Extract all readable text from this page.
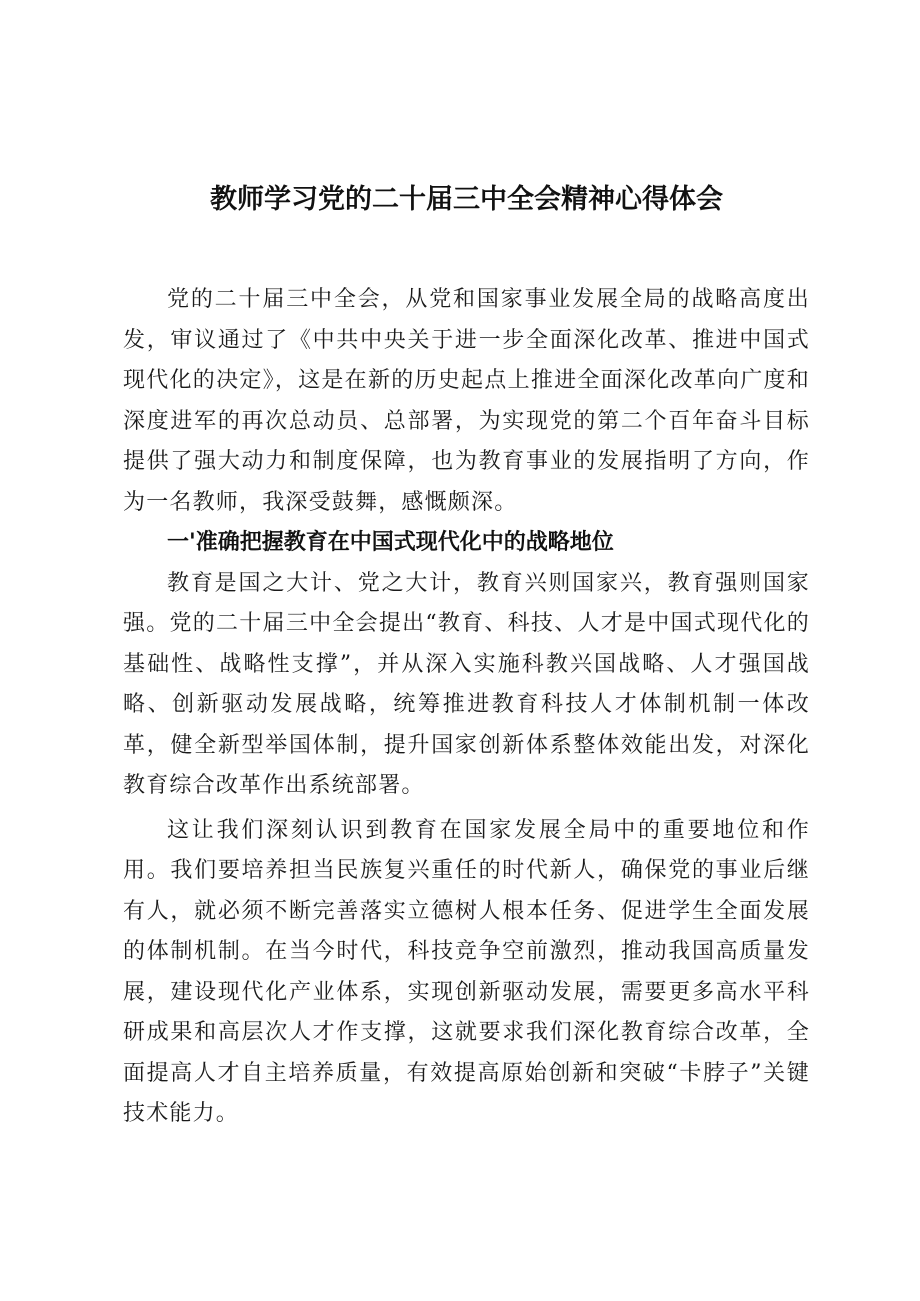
教师学习党的二十届三中全会精神心得体会

党的二十届三中全会，从党和国家事业发展全局的战略高度出发，审议通过了《中共中央关于进一步全面深化改革、推进中国式现代化的决定》，这是在新的历史起点上推进全面深化改革向广度和深度进军的再次总动员、总部署，为实现党的第二个百年奋斗目标提供了强大动力和制度保障，也为教育事业的发展指明了方向，作为一名教师，我深受鼓舞，感慨颇深。

一'准确把握教育在中国式现代化中的战略地位

教育是国之大计、党之大计，教育兴则国家兴，教育强则国家强。党的二十届三中全会提出“教育、科技、人才是中国式现代化的基础性、战略性支撑”，并从深入实施科教兴国战略、人才强国战略、创新驱动发展战略，统筹推进教育科技人才体制机制一体改革，健全新型举国体制，提升国家创新体系整体效能出发，对深化教育综合改革作出系统部署。

这让我们深刻认识到教育在国家发展全局中的重要地位和作用。我们要培养担当民族复兴重任的时代新人，确保党的事业后继有人，就必须不断完善落实立德树人根本任务、促进学生全面发展的体制机制。在当今时代，科技竞争空前激烈，推动我国高质量发展，建设现代化产业体系，实现创新驱动发展，需要更多高水平科研成果和高层次人才作支撑，这就要求我们深化教育综合改革，全面提高人才自主培养质量，有效提高原始创新和突破“卡脖子”关键技术能力。
